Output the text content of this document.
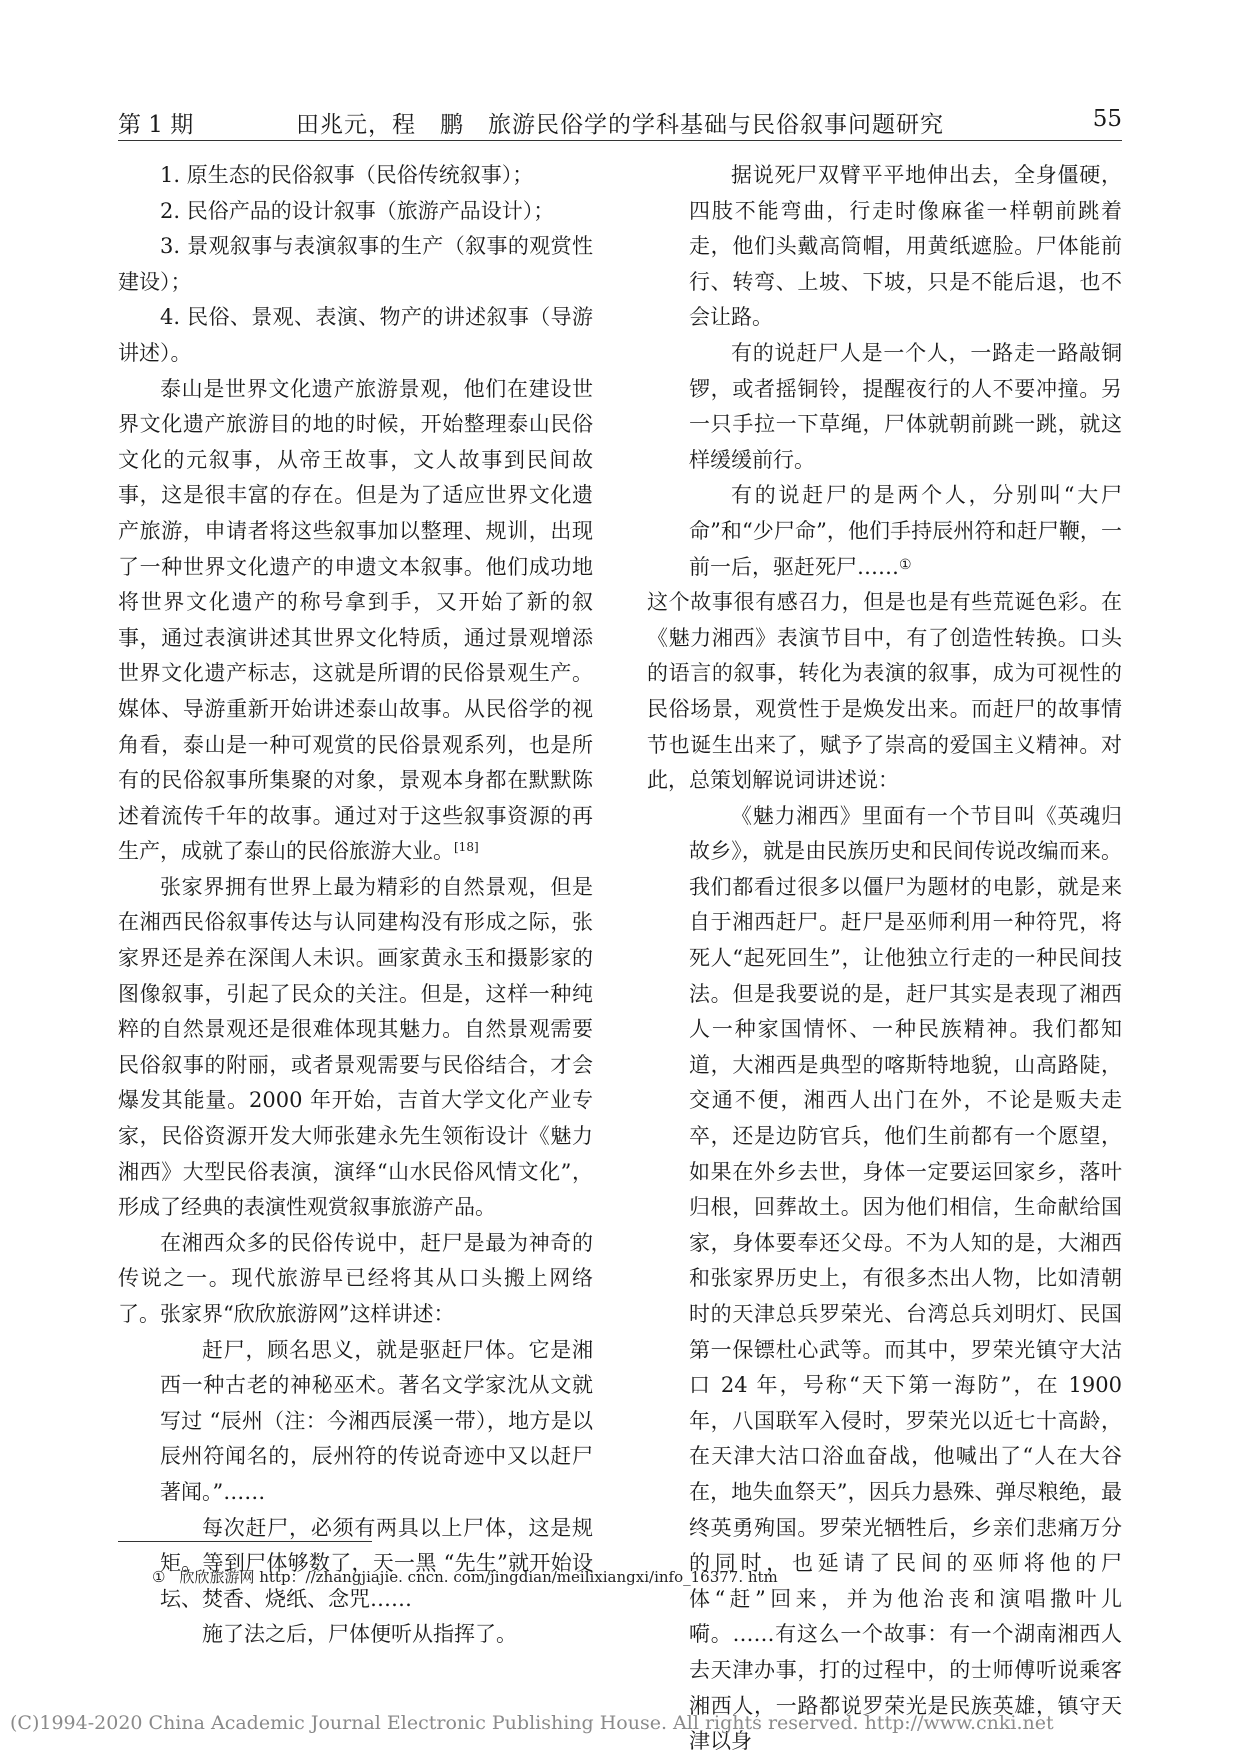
第 1 期	田兆元，程　鹏　旅游民俗学的学科基础与民俗叙事问题研究	55

1. 原生态的民俗叙事（民俗传统叙事）；

2. 民俗产品的设计叙事（旅游产品设计）；

3. 景观叙事与表演叙事的生产（叙事的观赏性建设）；

4. 民俗、景观、表演、物产的讲述叙事（导游讲述）。

泰山是世界文化遗产旅游景观，他们在建设世界文化遗产旅游目的地的时候，开始整理泰山民俗文化的元叙事，从帝王故事，文人故事到民间故事，这是很丰富的存在。但是为了适应世界文化遗产旅游，申请者将这些叙事加以整理、规训，出现了一种世界文化遗产的申遗文本叙事。他们成功地将世界文化遗产的称号拿到手，又开始了新的叙事，通过表演讲述其世界文化特质，通过景观增添世界文化遗产标志，这就是所谓的民俗景观生产。媒体、导游重新开始讲述泰山故事。从民俗学的视角看，泰山是一种可观赏的民俗景观系列，也是所有的民俗叙事所集聚的对象，景观本身都在默默陈述着流传千年的故事。通过对于这些叙事资源的再生产，成就了泰山的民俗旅游大业。[18]

张家界拥有世界上最为精彩的自然景观，但是在湘西民俗叙事传达与认同建构没有形成之际，张家界还是养在深闺人未识。画家黄永玉和摄影家的图像叙事，引起了民众的关注。但是，这样一种纯粹的自然景观还是很难体现其魅力。自然景观需要民俗叙事的附丽，或者景观需要与民俗结合，才会爆发其能量。2000 年开始，吉首大学文化产业专家，民俗资源开发大师张建永先生领衔设计《魅力湘西》大型民俗表演，演绎“山水民俗风情文化”，形成了经典的表演性观赏叙事旅游产品。

在湘西众多的民俗传说中，赶尸是最为神奇的传说之一。现代旅游早已经将其从口头搬上网络了。张家界“欣欣旅游网”这样讲述：

赶尸，顾名思义，就是驱赶尸体。它是湘西一种古老的神秘巫术。著名文学家沈从文就写过 “辰州（注：今湘西辰溪一带），地方是以辰州符闻名的，辰州符的传说奇迹中又以赶尸著闻。”……

每次赶尸，必须有两具以上尸体，这是规矩。等到尸体够数了，天一黑 “先生”就开始设坛、焚香、烧纸、念咒……

施了法之后，尸体便听从指挥了。

据说死尸双臂平平地伸出去，全身僵硬，四肢不能弯曲，行走时像麻雀一样朝前跳着走，他们头戴高筒帽，用黄纸遮脸。尸体能前行、转弯、上坡、下坡，只是不能后退，也不会让路。

有的说赶尸人是一个人，一路走一路敲铜锣，或者摇铜铃，提醒夜行的人不要冲撞。另一只手拉一下草绳，尸体就朝前跳一跳，就这样缓缓前行。

有的说赶尸的是两个人，分别叫“大尸命”和“少尸命”，他们手持辰州符和赶尸鞭，一前一后，驱赶死尸……①

这个故事很有感召力，但是也是有些荒诞色彩。在《魅力湘西》表演节目中，有了创造性转换。口头的语言的叙事，转化为表演的叙事，成为可视性的民俗场景，观赏性于是焕发出来。而赶尸的故事情节也诞生出来了，赋予了崇高的爱国主义精神。对此，总策划解说词讲述说：

《魅力湘西》里面有一个节目叫《英魂归故乡》，就是由民族历史和民间传说改编而来。我们都看过很多以僵尸为题材的电影，就是来自于湘西赶尸。赶尸是巫师利用一种符咒，将死人“起死回生”，让他独立行走的一种民间技法。但是我要说的是，赶尸其实是表现了湘西人一种家国情怀、一种民族精神。我们都知道，大湘西是典型的喀斯特地貌，山高路陡，交通不便，湘西人出门在外，不论是贩夫走卒，还是边防官兵，他们生前都有一个愿望，如果在外乡去世，身体一定要运回家乡，落叶归根，回葬故土。因为他们相信，生命献给国家，身体要奉还父母。不为人知的是，大湘西和张家界历史上，有很多杰出人物，比如清朝时的天津总兵罗荣光、台湾总兵刘明灯、民国第一保镖杜心武等。而其中，罗荣光镇守大沽口 24 年，号称“天下第一海防”，在 1900 年，八国联军入侵时，罗荣光以近七十高龄，在天津大沽口浴血奋战，他喊出了“人在大谷在，地失血祭天”，因兵力悬殊、弹尽粮绝，最终英勇殉国。罗荣光牺牲后，乡亲们悲痛万分的同时，也延请了民间的巫师将他的尸体“赶”回来，并为他治丧和演唱撒叶儿嗬。……有这么一个故事：有一个湖南湘西人去天津办事，打的过程中，的士师傅听说乘客湘西人，一路都说罗荣光是民族英雄，镇守天津以身

① 欣欣旅游网 http：//zhangjiajie. cncn. com/jingdian/meilixiangxi/info_16377. htm
(C)1994-2020 China Academic Journal Electronic Publishing House. All rights reserved. http://www.cnki.net
